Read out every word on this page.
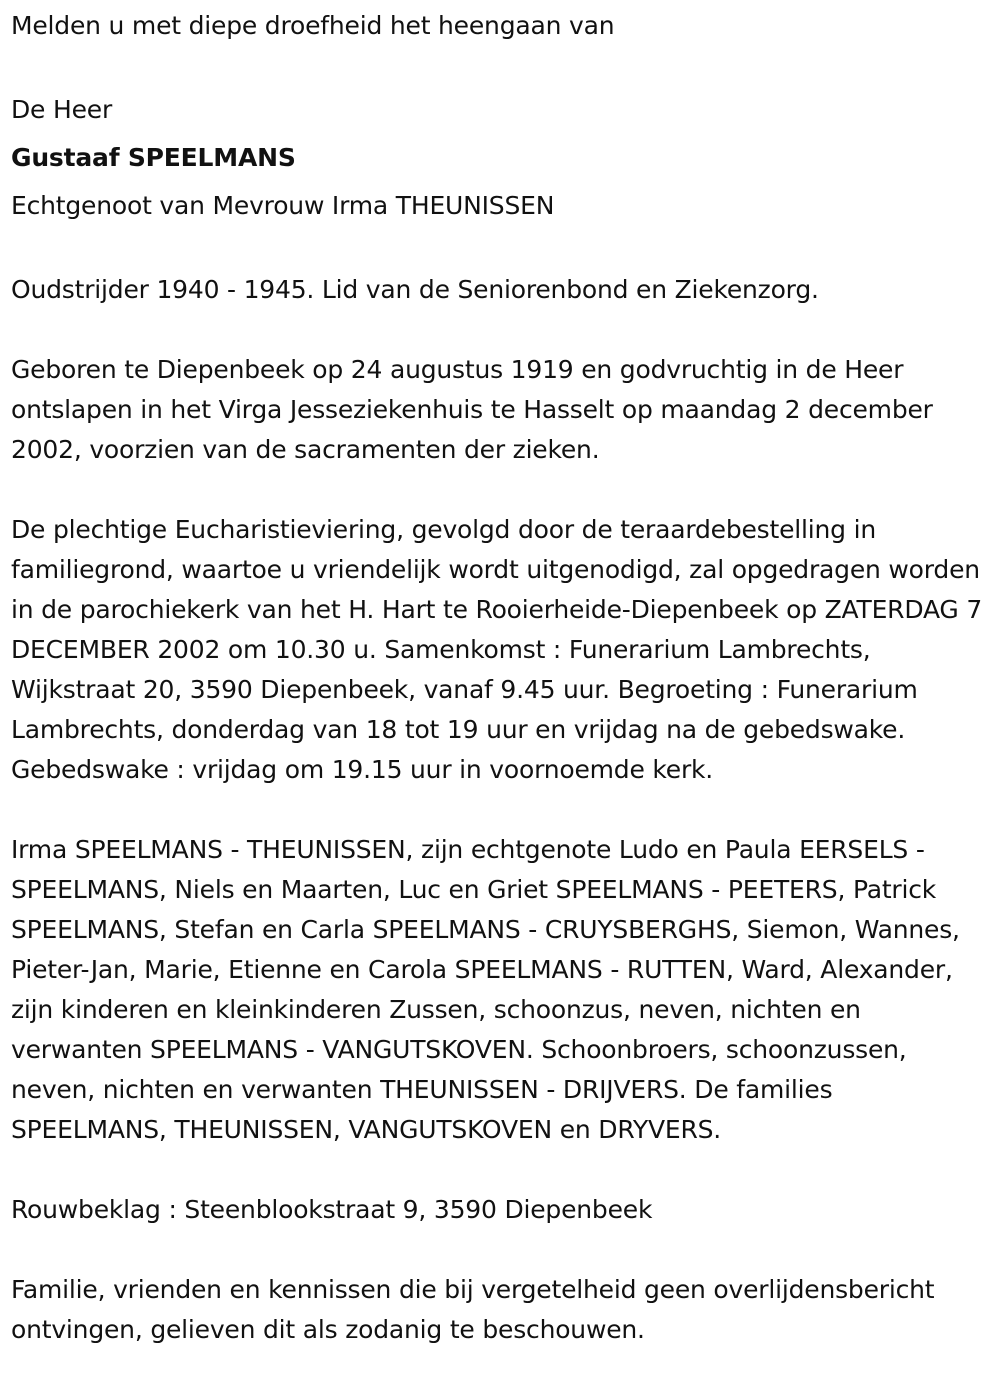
Melden u met diepe droefheid het heengaan van

De Heer

Gustaaf SPEELMANS

Echtgenoot van Mevrouw Irma THEUNISSEN

Oudstrijder 1940 - 1945. Lid van de Seniorenbond en Ziekenzorg.

Geboren te Diepenbeek op 24 augustus 1919 en godvruchtig in de Heer ontslapen in het Virga Jesseziekenhuis te Hasselt op maandag 2 december 2002, voorzien van de sacramenten der zieken.

De plechtige Eucharistieviering, gevolgd door de teraardebestelling in familiegrond, waartoe u vriendelijk wordt uitgenodigd, zal opgedragen worden in de parochiekerk van het H. Hart te Rooierheide-Diepenbeek op ZATERDAG 7 DECEMBER 2002 om 10.30 u. Samenkomst : Funerarium Lambrechts, Wijkstraat 20, 3590 Diepenbeek, vanaf 9.45 uur. Begroeting : Funerarium Lambrechts, donderdag van 18 tot 19 uur en vrijdag na de gebedswake. Gebedswake : vrijdag om 19.15 uur in voornoemde kerk.

Irma SPEELMANS - THEUNISSEN, zijn echtgenote Ludo en Paula EERSELS - SPEELMANS, Niels en Maarten, Luc en Griet SPEELMANS - PEETERS, Patrick SPEELMANS, Stefan en Carla SPEELMANS - CRUYSBERGHS, Siemon, Wannes, Pieter-Jan, Marie, Etienne en Carola SPEELMANS - RUTTEN, Ward, Alexander, zijn kinderen en kleinkinderen Zussen, schoonzus, neven, nichten en verwanten SPEELMANS - VANGUTSKOVEN. Schoonbroers, schoonzussen, neven, nichten en verwanten THEUNISSEN - DRIJVERS. De families SPEELMANS, THEUNISSEN, VANGUTSKOVEN en DRYVERS.

Rouwbeklag : Steenblookstraat 9, 3590 Diepenbeek

Familie, vrienden en kennissen die bij vergetelheid geen overlijdensbericht ontvingen, gelieven dit als zodanig te beschouwen.
